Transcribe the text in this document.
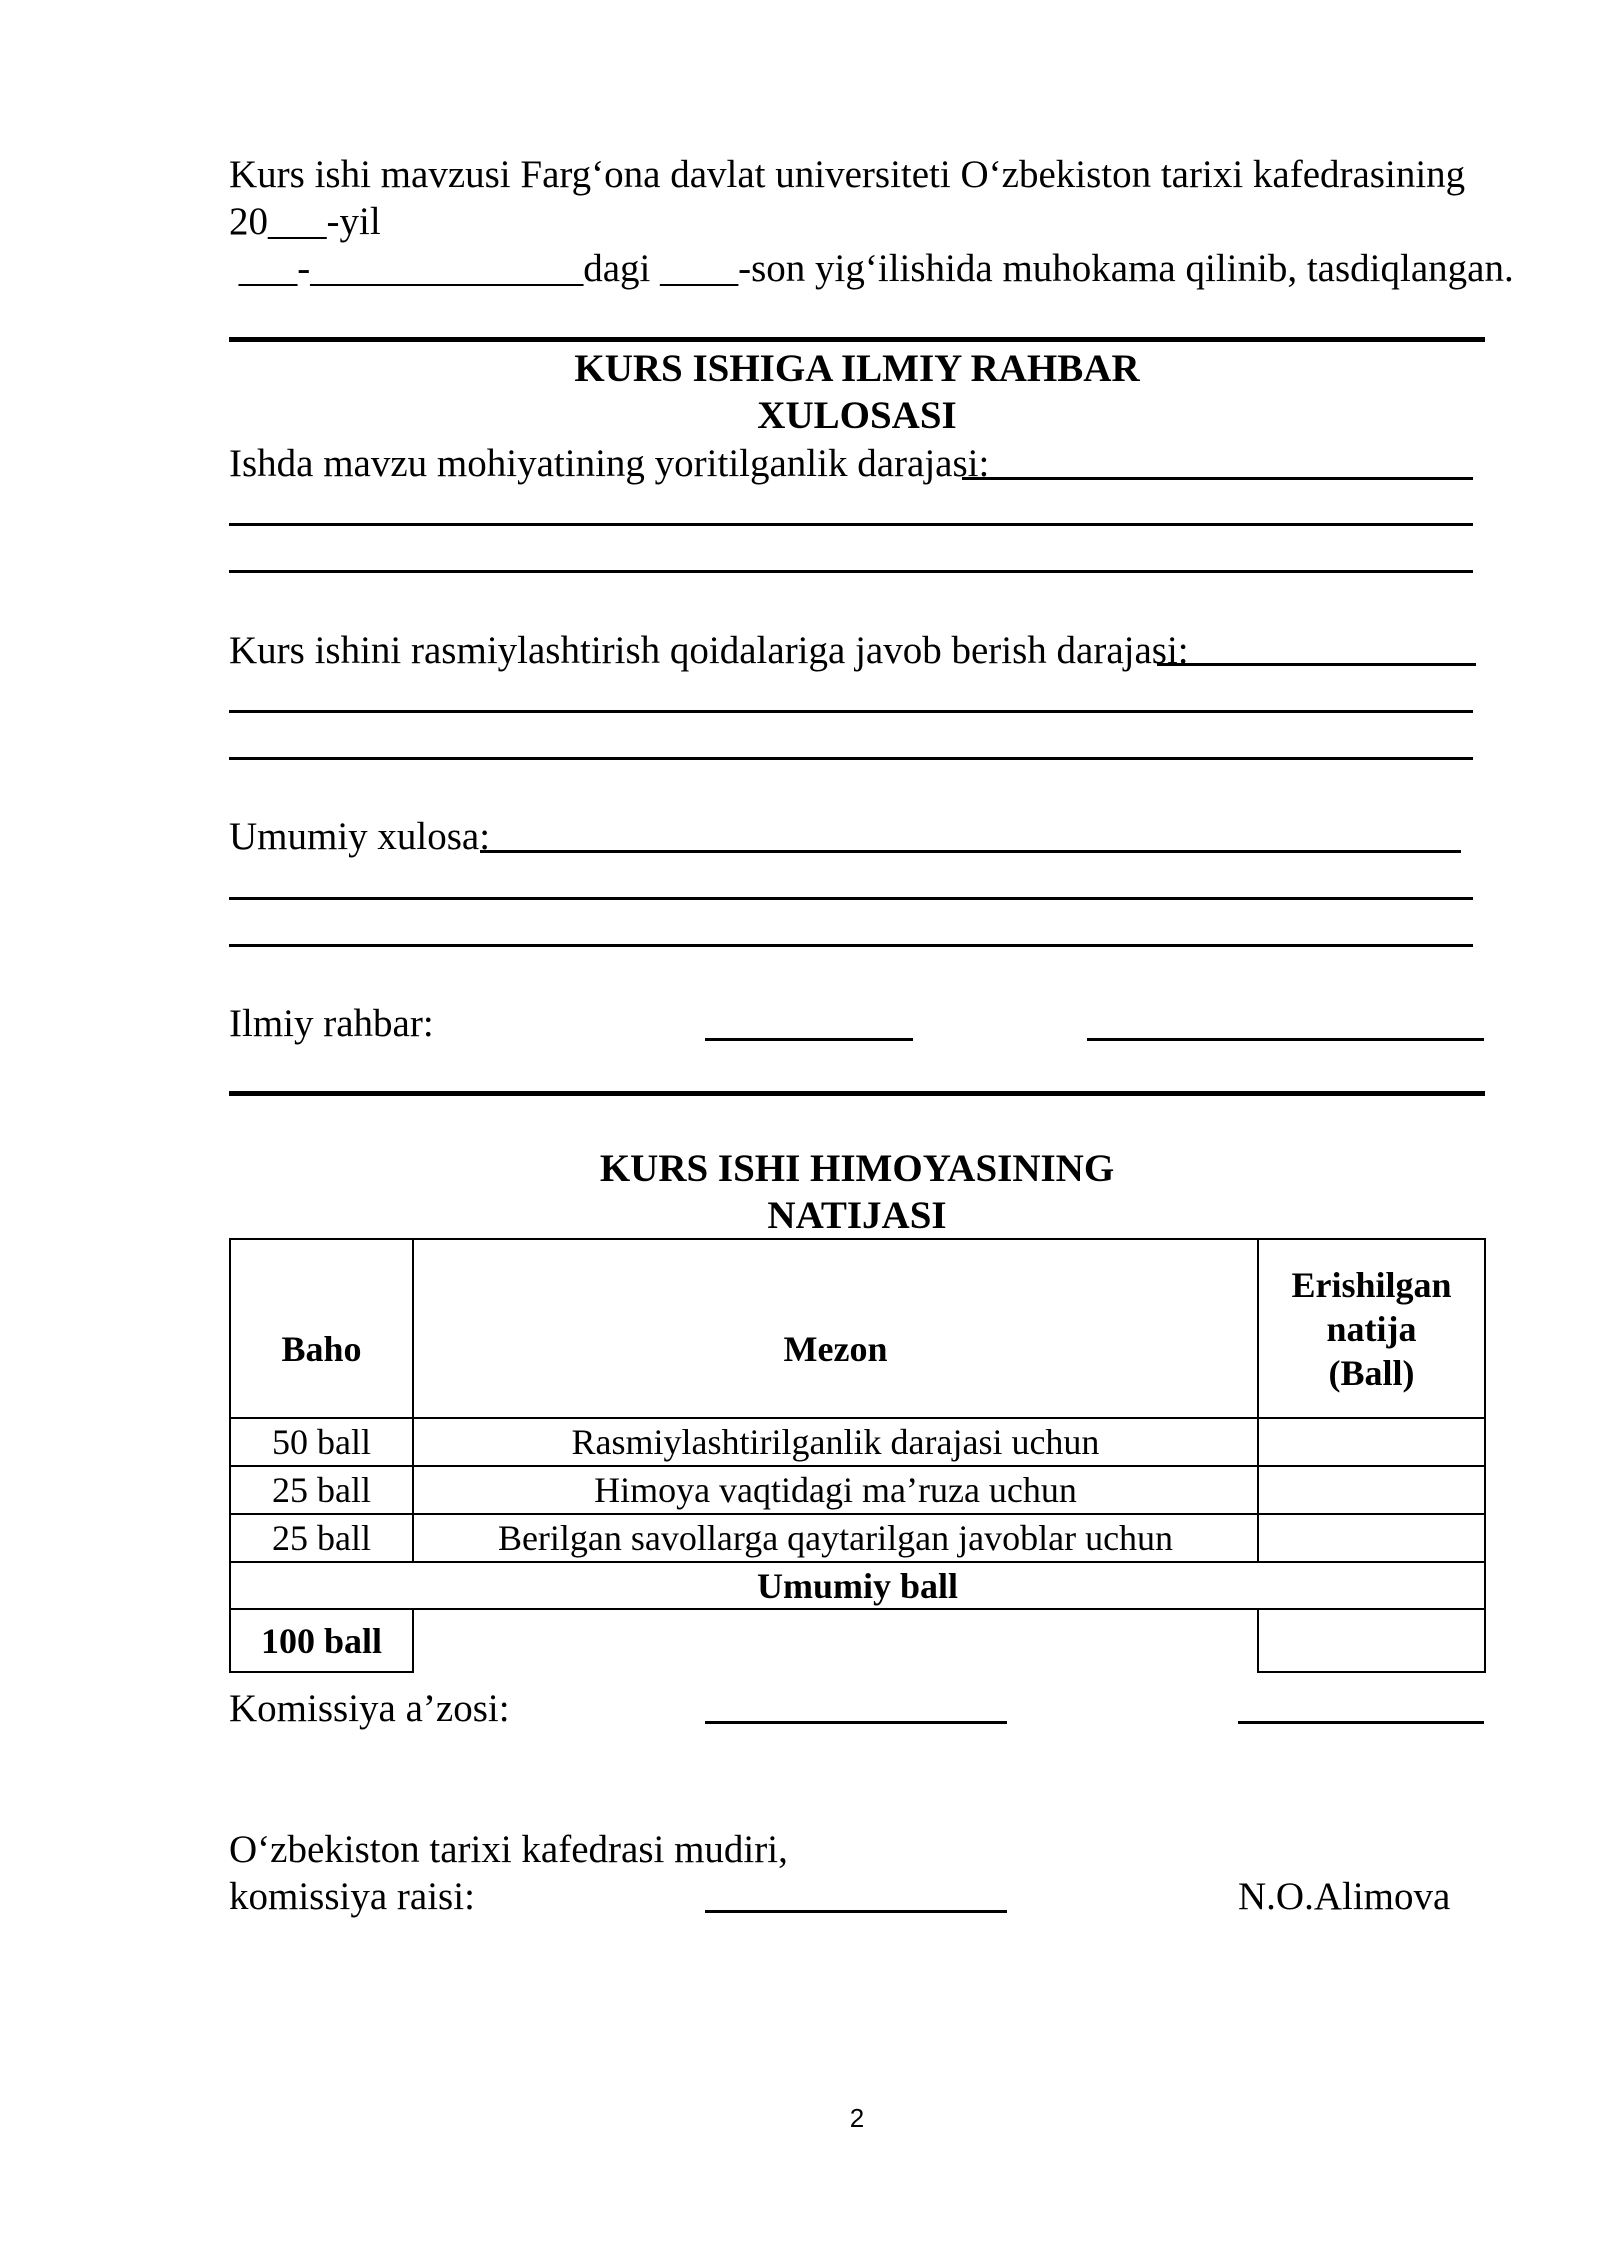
Kurs ishi mavzusi Farg‘ona davlat universiteti O‘zbekiston tarixi kafedrasining
20___-yil
___-______________dagi ____-son yig‘ilishida muhokama qilinib, tasdiqlangan.
KURS ISHIGA ILMIY RAHBAR
XULOSASI
Ishda mavzu mohiyatining yoritilganlik darajasi:
Kurs ishini rasmiylashtirish qoidalariga javob berish darajasi:
Umumiy xulosa:
Ilmiy rahbar:
KURS ISHI HIMOYASINING
NATIJASI
Baho	Mezon	Erishilgan
natija
(Ball)

50 ball	Rasmiylashtirilganlik darajasi uchun	
25 ball	Himoya vaqtidagi ma’ruza uchun	
25 ball	Berilgan savollarga qaytarilgan javoblar uchun	
Umumiy ball		
100 ball		
Komissiya a’zosi:
O‘zbekiston tarixi kafedrasi mudiri,
komissiya raisi:	N.O.Alimova
2
